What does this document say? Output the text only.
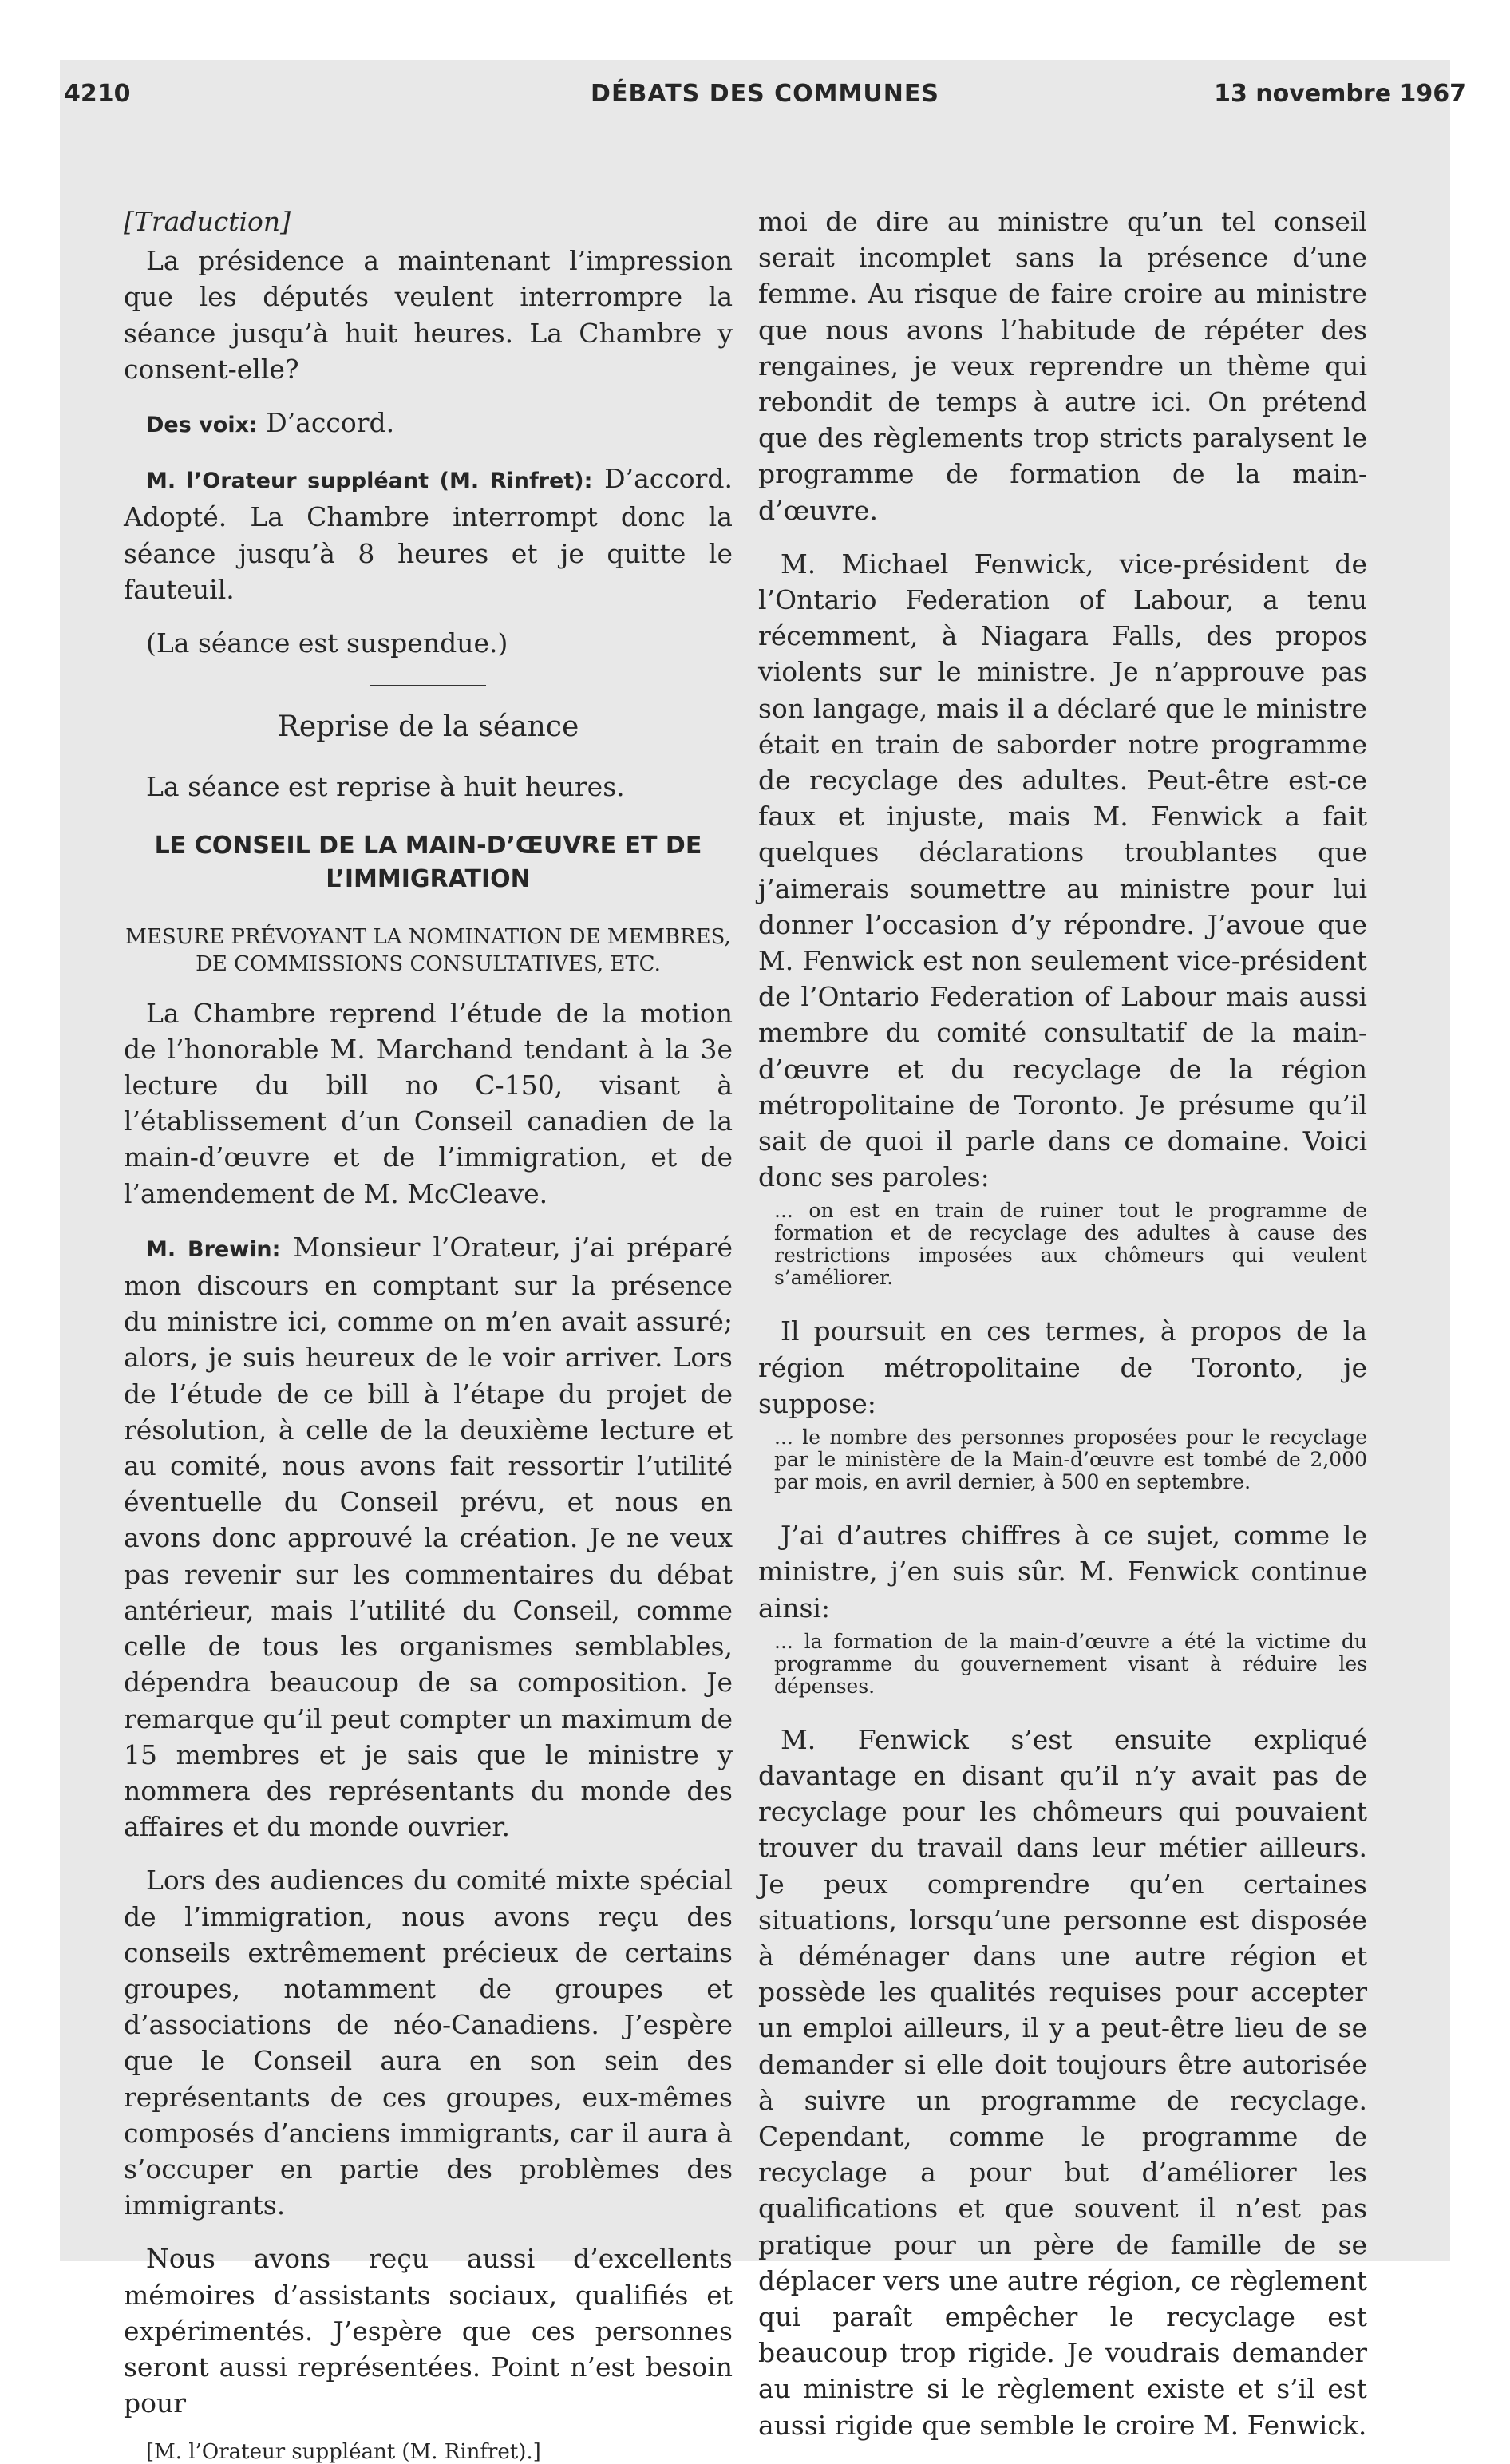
4210	DÉBATS DES COMMUNES	13 novembre 1967

[Traduction]

La présidence a maintenant l’impression que les députés veulent interrompre la séance jusqu’à huit heures. La Chambre y consent-elle?

Des voix: D’accord.

M. l’Orateur suppléant (M. Rinfret): D’accord. Adopté. La Chambre interrompt donc la séance jusqu’à 8 heures et je quitte le fauteuil.

(La séance est suspendue.)

Reprise de la séance

La séance est reprise à huit heures.

LE CONSEIL DE LA MAIN-D’ŒUVRE ET DE L’IMMIGRATION
MESURE PRÉVOYANT LA NOMINATION DE MEMBRES, DE COMMISSIONS CONSULTATIVES, ETC.

La Chambre reprend l’étude de la motion de l’honorable M. Marchand tendant à la 3e lecture du bill no C-150, visant à l’établissement d’un Conseil canadien de la main-d’œuvre et de l’immigration, et de l’amendement de M. McCleave.

M. Brewin: Monsieur l’Orateur, j’ai préparé mon discours en comptant sur la présence du ministre ici, comme on m’en avait assuré; alors, je suis heureux de le voir arriver. Lors de l’étude de ce bill à l’étape du projet de résolution, à celle de la deuxième lecture et au comité, nous avons fait ressortir l’utilité éventuelle du Conseil prévu, et nous en avons donc approuvé la création. Je ne veux pas revenir sur les commentaires du débat antérieur, mais l’utilité du Conseil, comme celle de tous les organismes semblables, dépendra beaucoup de sa composition. Je remarque qu’il peut compter un maximum de 15 membres et je sais que le ministre y nommera des représentants du monde des affaires et du monde ouvrier.

Lors des audiences du comité mixte spécial de l’immigration, nous avons reçu des conseils extrêmement précieux de certains groupes, notamment de groupes et d’associations de néo-Canadiens. J’espère que le Conseil aura en son sein des représentants de ces groupes, eux-mêmes composés d’anciens immigrants, car il aura à s’occuper en partie des problèmes des immigrants.

Nous avons reçu aussi d’excellents mémoires d’assistants sociaux, qualifiés et expérimentés. J’espère que ces personnes seront aussi représentées. Point n’est besoin pour

[M. l’Orateur suppléant (M. Rinfret).]

moi de dire au ministre qu’un tel conseil serait incomplet sans la présence d’une femme. Au risque de faire croire au ministre que nous avons l’habitude de répéter des rengaines, je veux reprendre un thème qui rebondit de temps à autre ici. On prétend que des règlements trop stricts paralysent le programme de formation de la main-d’œuvre.

M. Michael Fenwick, vice-président de l’Ontario Federation of Labour, a tenu récemment, à Niagara Falls, des propos violents sur le ministre. Je n’approuve pas son langage, mais il a déclaré que le ministre était en train de saborder notre programme de recyclage des adultes. Peut-être est-ce faux et injuste, mais M. Fenwick a fait quelques déclarations troublantes que j’aimerais soumettre au ministre pour lui donner l’occasion d’y répondre. J’avoue que M. Fenwick est non seulement vice-président de l’Ontario Federation of Labour mais aussi membre du comité consultatif de la main-d’œuvre et du recyclage de la région métropolitaine de Toronto. Je présume qu’il sait de quoi il parle dans ce domaine. Voici donc ses paroles:

... on est en train de ruiner tout le programme de formation et de recyclage des adultes à cause des restrictions imposées aux chômeurs qui veulent s’améliorer.

Il poursuit en ces termes, à propos de la région métropolitaine de Toronto, je suppose:

... le nombre des personnes proposées pour le recyclage par le ministère de la Main-d’œuvre est tombé de 2,000 par mois, en avril dernier, à 500 en septembre.

J’ai d’autres chiffres à ce sujet, comme le ministre, j’en suis sûr. M. Fenwick continue ainsi:

... la formation de la main-d’œuvre a été la victime du programme du gouvernement visant à réduire les dépenses.

M. Fenwick s’est ensuite expliqué davantage en disant qu’il n’y avait pas de recyclage pour les chômeurs qui pouvaient trouver du travail dans leur métier ailleurs. Je peux comprendre qu’en certaines situations, lorsqu’une personne est disposée à déménager dans une autre région et possède les qualités requises pour accepter un emploi ailleurs, il y a peut-être lieu de se demander si elle doit toujours être autorisée à suivre un programme de recyclage. Cependant, comme le programme de recyclage a pour but d’améliorer les qualifications et que souvent il n’est pas pratique pour un père de famille de se déplacer vers une autre région, ce règlement qui paraît empêcher le recyclage est beaucoup trop rigide. Je voudrais demander au ministre si le règlement existe et s’il est aussi rigide que semble le croire M. Fenwick.
